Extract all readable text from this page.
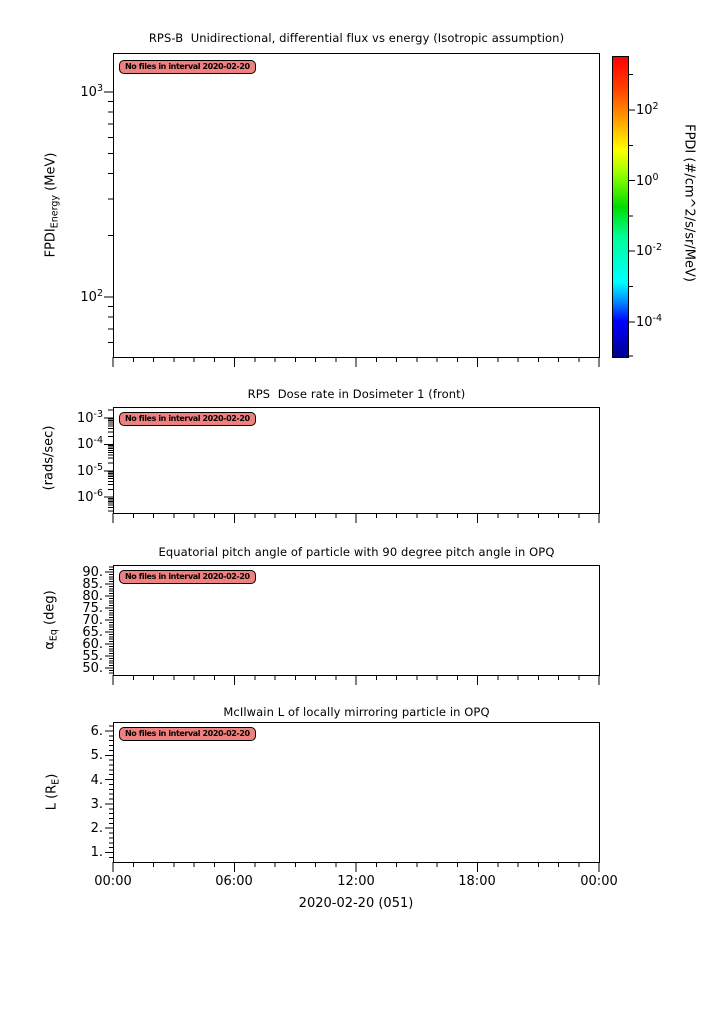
RPS-B  Unidirectional, differential flux vs energy (Isotropic assumption)
No files in interval 2020-02-20
$FPDI_{Energy}$ (MeV)
$10^3$
$10^2$
$10^2$
$10^0$
$10^{-2}$
$10^{-4}$
FPDI (#/cm^2/s/sr/MeV)
RPS  Dose rate in Dosimeter 1 (front)
No files in interval 2020-02-20
(rads/sec)
$10^{-3}$
$10^{-4}$
$10^{-5}$
$10^{-6}$
Equatorial pitch angle of particle with 90 degree pitch angle in OPQ
No files in interval 2020-02-20
$\alpha_{Eq}$ (deg)
90.
85.
80.
75.
70.
65.
60.
55.
50.
McIlwain L of locally mirroring particle in OPQ
No files in interval 2020-02-20
L $(R_E)$
6.
5.
4.
3.
2.
1.
00:00	06:00	12:00	18:00	00:00
2020-02-20 (051)
